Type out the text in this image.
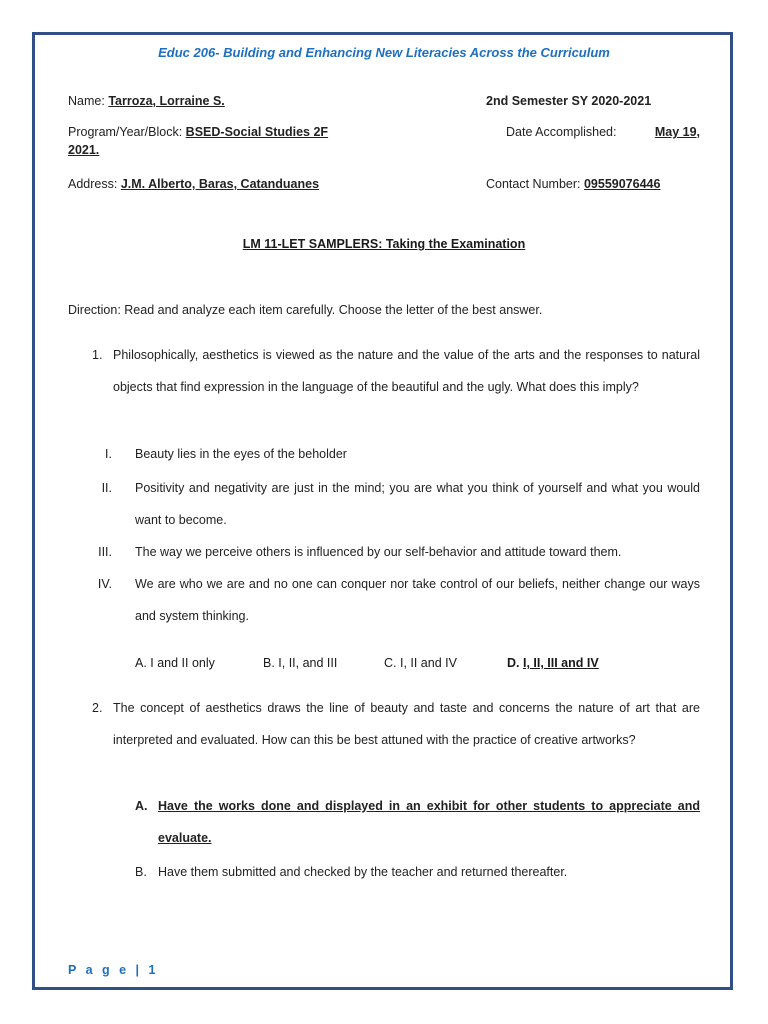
Educ 206- Building and Enhancing New Literacies Across the Curriculum
Name: Tarroza, Lorraine S.	2nd Semester SY 2020-2021
Program/Year/Block: BSED-Social Studies 2F	Date Accomplished:	May 19,
2021.
Address: J.M. Alberto, Baras, Catanduanes	Contact Number: 09559076446
LM 11-LET SAMPLERS: Taking the Examination
Direction: Read and analyze each item carefully. Choose the letter of the best answer.
1. Philosophically, aesthetics is viewed as the nature and the value of the arts and the responses to natural objects that find expression in the language of the beautiful and the ugly. What does this imply?
I. Beauty lies in the eyes of the beholder
II. Positivity and negativity are just in the mind; you are what you think of yourself and what you would want to become.
III. The way we perceive others is influenced by our self-behavior and attitude toward them.
IV. We are who we are and no one can conquer nor take control of our beliefs, neither change our ways and system thinking.
A. I and II only	B. I, II, and III	C. I, II and IV	D. I, II, III and IV
2. The concept of aesthetics draws the line of beauty and taste and concerns the nature of art that are interpreted and evaluated. How can this be best attuned with the practice of creative artworks?
A. Have the works done and displayed in an exhibit for other students to appreciate and evaluate.
B. Have them submitted and checked by the teacher and returned thereafter.
P a g e | 1
